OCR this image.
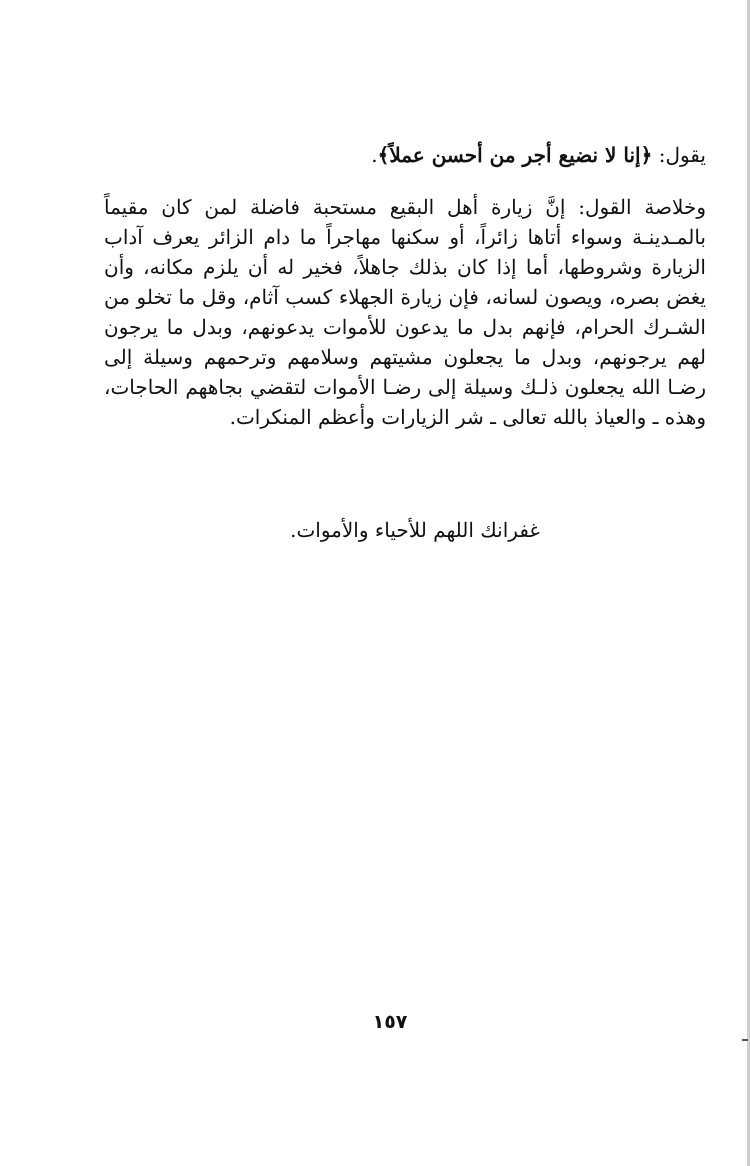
يقول: ﴿إنا لا نضيع أجر من أحسن عملاً﴾.
وخلاصة القول: إنَّ زيارة أهل البقيع مستحبة فاضلة لمن كان مقيماً بالمـدينـة وسواء أتاها زائراً، أو سكنها مهاجراً ما دام الزائر يعرف آداب الزيارة وشروطها، أما إذا كان بذلك جاهلاً، فخير له أن يلزم مكانه، وأن يغض بصره، ويصون لسانه، فإن زيارة الجهلاء كسب آثام، وقل ما تخلو من الشـرك الحرام، فإنهم بدل ما يدعون للأموات يدعونهم، وبدل ما يرجون لهم يرجونهم، وبدل ما يجعلون مشيتهم وسلامهم وترحمهم وسيلة إلى رضـا الله يجعلون ذلـك وسيلة إلى رضـا الأموات لتقضي بجاههم الحاجات، وهذه ـ والعياذ بالله تعالى ـ شر الزيارات وأعظم المنكرات.
غفرانك اللهم للأحياء والأموات.
١٥٧
